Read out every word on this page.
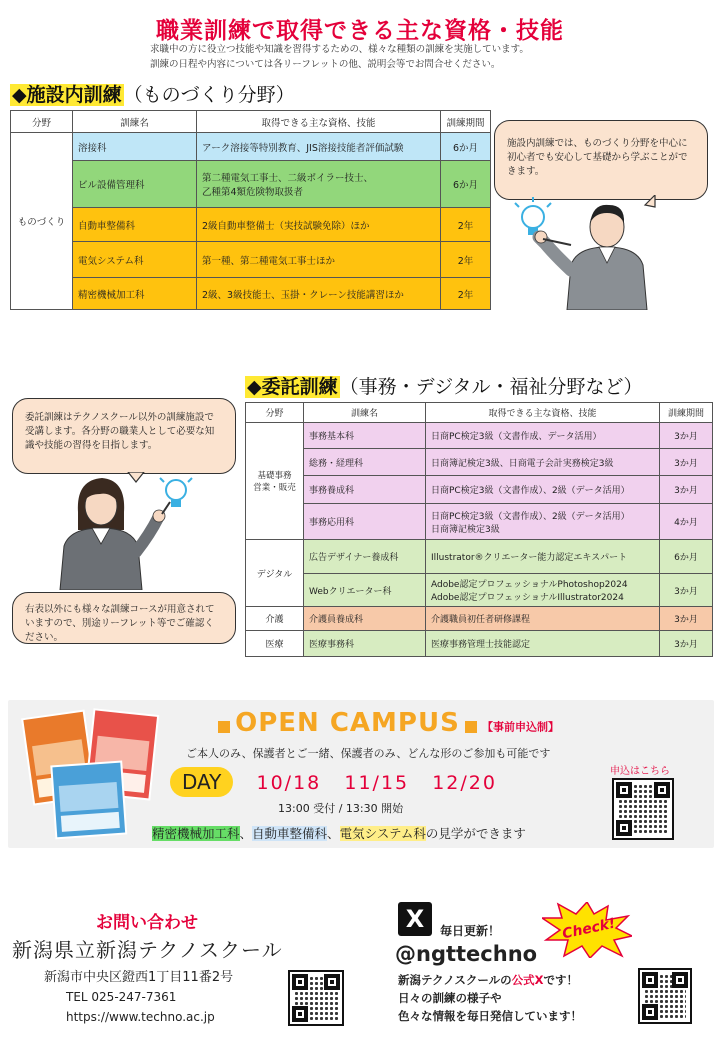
職業訓練で取得できる主な資格・技能
求職中の方に役立つ技能や知識を習得するための、様々な種類の訓練を実施しています。
訓練の日程や内容については各リーフレットの他、説明会等でお問合せください。
◆施設内訓練 （ものづくり分野）
分野	訓練名	取得できる主な資格、技能	訓練期間
ものづくり	溶接科	アーク溶接等特別教育、JIS溶接技能者評価試験	6か月
	ビル設備管理科	第二種電気工事士、二級ボイラー技士、
乙種第4類危険物取扱者	6か月
	自動車整備科	2級自動車整備士（実技試験免除）ほか	2年
	電気システム科	第一種、第二種電気工事士ほか	2年
	精密機械加工科	2級、3級技能士、玉掛・クレーン技能講習ほか	2年
施設内訓練では、ものづくり分野を中心に初心者でも安心して基礎から学ぶことができます。
◆委託訓練 （事務・デジタル・福祉分野など）
分野	訓練名	取得できる主な資格、技能	訓練期間
基礎事務
営業・販売	事務基本科	日商PC検定3級（文書作成、データ活用）	3か月
	総務・経理科	日商簿記検定3級、日商電子会計実務検定3級	3か月
	事務養成科	日商PC検定3級（文書作成）、2級（データ活用）	3か月
	事務応用科	日商PC検定3級（文書作成）、2級（データ活用）
日商簿記検定3級	4か月
デジタル	広告デザイナー養成科	Illustrator®クリエーター能力認定エキスパート	6か月
	Webクリエーター科	Adobe認定プロフェッショナルPhotoshop2024
Adobe認定プロフェッショナルIllustrator2024	3か月
介護	介護員養成科	介護職員初任者研修課程	3か月
医療	医療事務科	医療事務管理士技能認定	3か月
委託訓練はテクノスクール以外の訓練施設で受講します。各分野の職業人として必要な知識や技能の習得を目指します。
右表以外にも様々な訓練コースが用意されていますので、別途リーフレット等でご確認ください。
OPEN CAMPUS 【事前申込制】
ご本人のみ、保護者とご一緒、保護者のみ、どんな形のご参加も可能です
DAY 10/18 11/15 12/20
13:00 受付 / 13:30 開始
精密機械加工科、自動車整備科、電気システム科の見学ができます
申込はこちら
お問い合わせ
新潟県立新潟テクノスクール
新潟市中央区鐙西1丁目11番2号
TEL 025-247-7361
https://www.techno.ac.jp
X	毎日更新！	Check!
@ngttechno
新潟テクノスクールの公式Xです！
日々の訓練の様子や
色々な情報を毎日発信しています！
